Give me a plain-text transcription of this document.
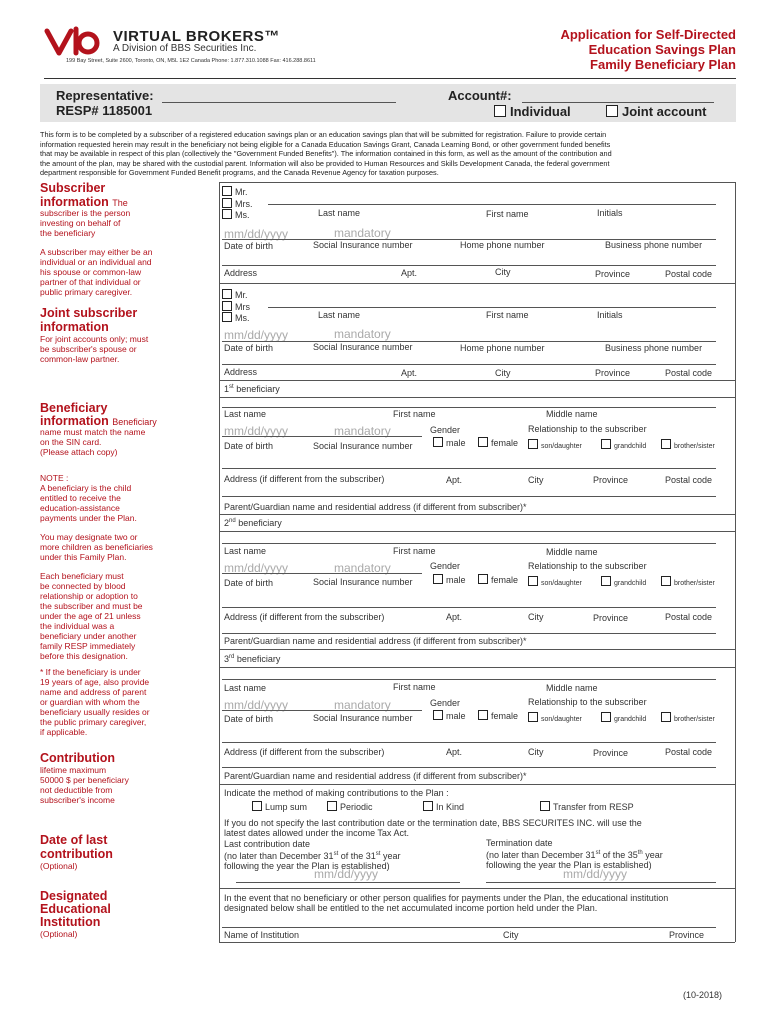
VIRTUAL BROKERS™
A Division of BBS Securities Inc.
199 Bay Street, Suite 2600, Toronto, ON, M5L 1E2 Canada Phone: 1.877.310.1088 Fax: 416.288.8611
Application for Self-Directed
Education Savings Plan
Family Beneficiary Plan
Representative:
RESP# 1185001
Account#:
Individual	Joint account
This form is to be completed by a subscriber of a registered education savings plan or an education savings plan that will be submitted for registration. Failure to provide certain
information requested herein may result in the beneficiary not being eligible for a Canada Education Savings Grant, Canada Learning Bond, or other government funded benefits
that may be available in respect of this plan (collectively the "Government Funded Benefits"). The information contained in this form, as well as the amount of the contribution and
the amount of the plan, may be shared with the custodial parent. Information will also be provided to Human Resources and Skills Development Canada, the federal government
department responsible for Government Funded Benefit programs, and the Canada Revenue Agency for taxation purposes.
Subscriber
information The
subscriber is the person
investing on behalf of
the beneficiary
A subscriber may either be an
individual or an individual and
his spouse or common-law
partner of that individual or
public primary caregiver.
Joint subscriber
information
For joint accounts only; must
be subscriber's spouse or
common-law partner.
Beneficiary
information Beneficiary
name must match the name
on the SIN card.
(Please attach copy)
NOTE :
A beneficiary is the child
entitled to receive the
education-assistance
payments under the Plan.
You may designate two or
more children as beneficiaries
under this Family Plan.
Each beneficiary must
be connected by blood
relationship or adoption to
the subscriber and must be
under the age of 21 unless
the individual was a
beneficiary under another
family RESP immediately
before this designation.
* If the beneficiary is under
19 years of age, also provide
name and address of parent
or guardian with whom the
beneficiary usually resides or
the public primary caregiver,
if applicable.
Contribution
lifetime maximum
50000 $ per beneficiary
not deductible from
subscriber's income
Date of last
contribution
(Optional)
Designated
Educational
Institution
(Optional)
Mr.
Mrs.
Ms.	Last name	First name	Initials
mm/dd/yyyy	mandatory
Date of birth	Social Insurance number	Home phone number	Business phone number
Address	Apt.	City	Province	Postal code
Mr.
Mrs
Ms.	Last name	First name	Initials
mm/dd/yyyy	mandatory
Date of birth	Social Insurance number	Home phone number	Business phone number
Address	Apt.	City	Province	Postal code
1st beneficiary
Last name	First name	Middle name
mm/dd/yyyy	mandatory	Gender	Relationship to the subscriber
Date of birth	Social Insurance number	male	female	son/daughter	grandchild	brother/sister
Address (if different from the subscriber)	Apt.	City	Province	Postal code
Parent/Guardian name and residential address (if different from subscriber)*
2nd beneficiary
Last name	First name	Middle name
mm/dd/yyyy	mandatory	Gender	Relationship to the subscriber
Date of birth	Social Insurance number	male	female	son/daughter	grandchild	brother/sister
Address (if different from the subscriber)	Apt.	City	Province	Postal code
Parent/Guardian name and residential address (if different from subscriber)*
3rd beneficiary
Last name	First name	Middle name
mm/dd/yyyy	mandatory	Gender	Relationship to the subscriber
Date of birth	Social Insurance number	male	female	son/daughter	grandchild	brother/sister
Address (if different from the subscriber)	Apt.	City	Province	Postal code
Parent/Guardian name and residential address (if different from subscriber)*
Indicate the method of making contributions to the Plan :
Lump sum	Periodic	In Kind	Transfer from RESP
If you do not specify the last contribution date or the termination date, BBS SECURITES INC. will use the
latest dates allowed under the income Tax Act.
Last contribution date
(no later than December 31st of the 31st year
following the year the Plan is established)
Termination date
(no later than December 31st of the 35th year
following the year the Plan is established)
mm/dd/yyyy	mm/dd/yyyy
In the event that no beneficiary or other person qualifies for payments under the Plan, the educational institution
designated below shall be entitled to the net accumulated income portion held under the Plan.
Name of Institution	City	Province
(10-2018)
